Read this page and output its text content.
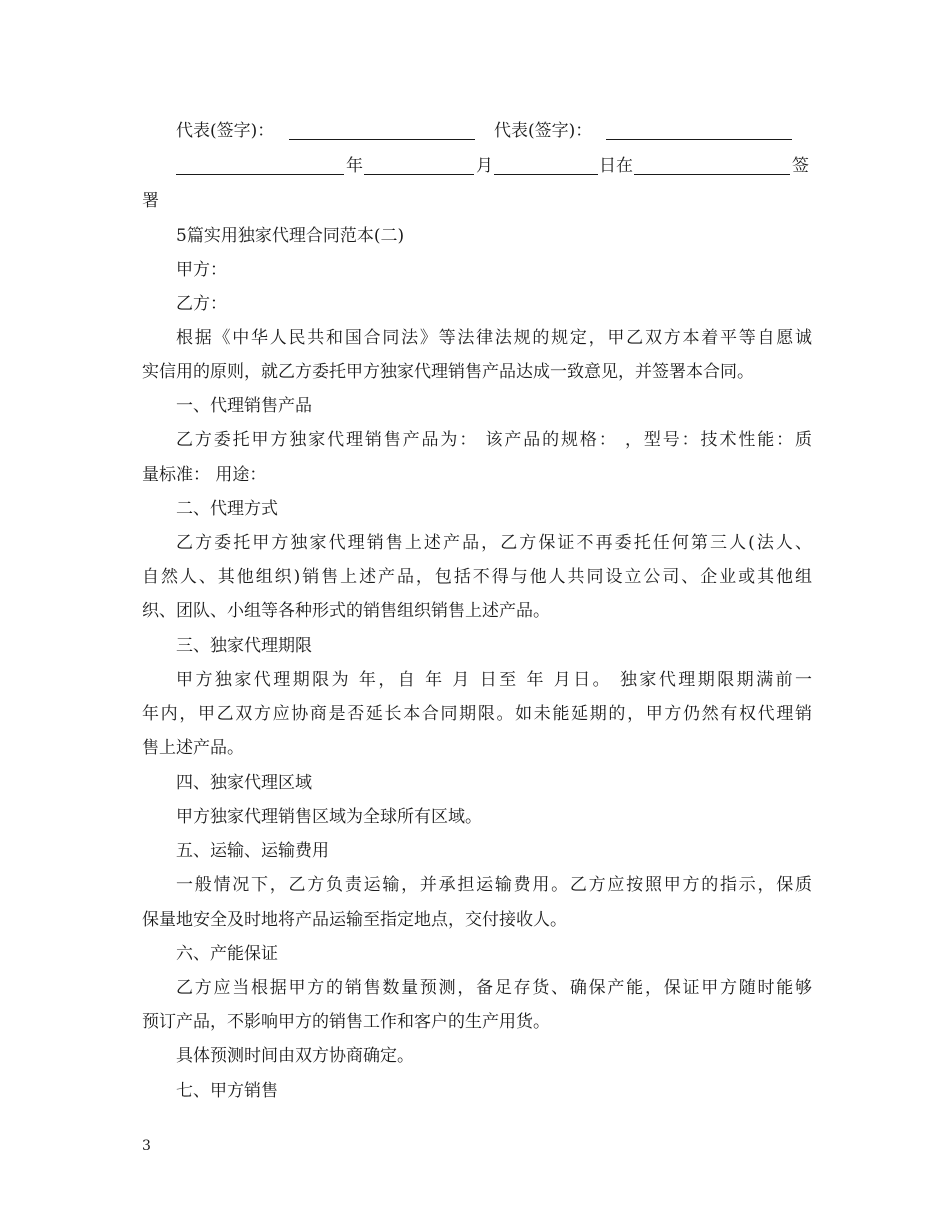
代表(签字)：	代表(签字)：
年	月	日在	签
署

5篇实用独家代理合同范本(二)

甲方：

乙方：

根据《中华人民共和国合同法》等法律法规的规定，甲乙双方本着平等自愿诚

实信用的原则，就乙方委托甲方独家代理销售产品达成一致意见，并签署本合同。

一、代理销售产品

乙方委托甲方独家代理销售产品为： 该产品的规格： ，型号：技术性能：质

量标准： 用途：

二、代理方式

乙方委托甲方独家代理销售上述产品，乙方保证不再委托任何第三人(法人、

自然人、其他组织)销售上述产品，包括不得与他人共同设立公司、企业或其他组

织、团队、小组等各种形式的销售组织销售上述产品。

三、独家代理期限

甲方独家代理期限为 年，自 年 月 日至 年 月日。 独家代理期限期满前一

年内，甲乙双方应协商是否延长本合同期限。如未能延期的，甲方仍然有权代理销

售上述产品。

四、独家代理区域

甲方独家代理销售区域为全球所有区域。

五、运输、运输费用

一般情况下，乙方负责运输，并承担运输费用。乙方应按照甲方的指示，保质

保量地安全及时地将产品运输至指定地点，交付接收人。

六、产能保证

乙方应当根据甲方的销售数量预测，备足存货、确保产能，保证甲方随时能够

预订产品，不影响甲方的销售工作和客户的生产用货。

具体预测时间由双方协商确定。

七、甲方销售

3
